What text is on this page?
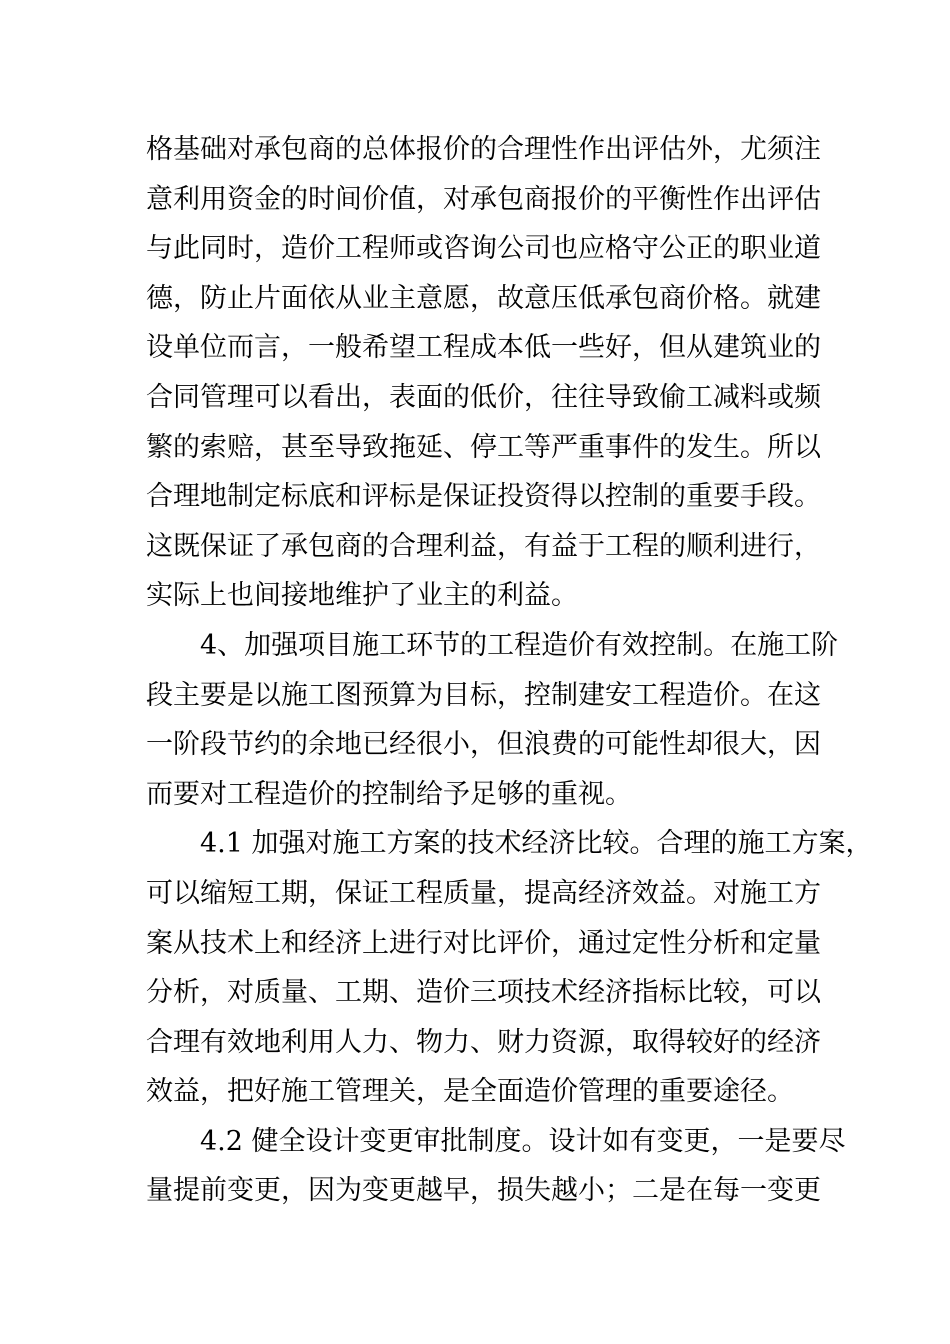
格基础对承包商的总体报价的合理性作出评估外，尤须注
意利用资金的时间价值，对承包商报价的平衡性作出评估
与此同时，造价工程师或咨询公司也应格守公正的职业道
德，防止片面依从业主意愿，故意压低承包商价格。就建
设单位而言，一般希望工程成本低一些好，但从建筑业的
合同管理可以看出，表面的低价，往往导致偷工减料或频
繁的索赔，甚至导致拖延、停工等严重事件的发生。所以
合理地制定标底和评标是保证投资得以控制的重要手段。
这既保证了承包商的合理利益，有益于工程的顺利进行，
实际上也间接地维护了业主的利益。
4、加强项目施工环节的工程造价有效控制。在施工阶
段主要是以施工图预算为目标，控制建安工程造价。在这
一阶段节约的余地已经很小，但浪费的可能性却很大，因
而要对工程造价的控制给予足够的重视。
4.1 加强对施工方案的技术经济比较。合理的施工方案，
可以缩短工期，保证工程质量，提高经济效益。对施工方
案从技术上和经济上进行对比评价，通过定性分析和定量
分析，对质量、工期、造价三项技术经济指标比较，可以
合理有效地利用人力、物力、财力资源，取得较好的经济
效益，把好施工管理关，是全面造价管理的重要途径。
4.2 健全设计变更审批制度。设计如有变更，一是要尽
量提前变更，因为变更越早，损失越小；二是在每一变更
